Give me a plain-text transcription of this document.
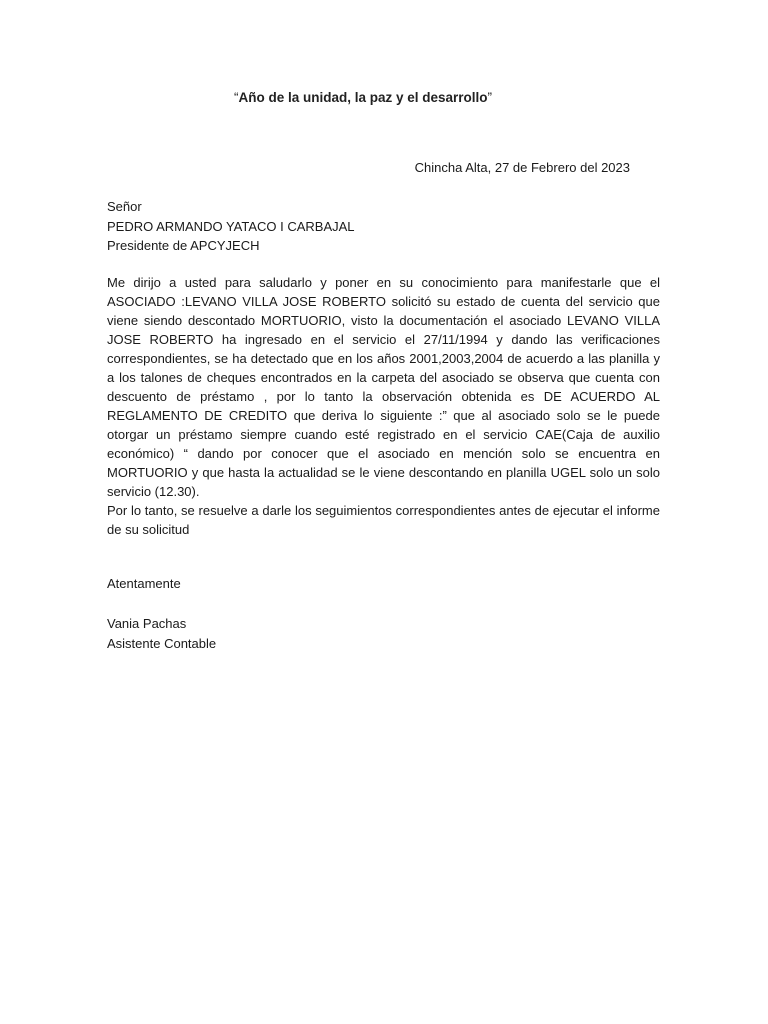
“Año de la unidad, la paz y el desarrollo”
Chincha Alta, 27 de Febrero del 2023
Señor
PEDRO ARMANDO YATACO I CARBAJAL
Presidente de APCYJECH

Me dirijo a usted para saludarlo y poner en su conocimiento para manifestarle que el ASOCIADO :LEVANO VILLA JOSE ROBERTO solicitó su estado de cuenta del servicio que viene siendo descontado MORTUORIO, visto la documentación el asociado LEVANO VILLA JOSE ROBERTO ha ingresado en el servicio el 27/11/1994 y dando las verificaciones correspondientes, se ha detectado que en los años 2001,2003,2004 de acuerdo a las planilla y a los talones de cheques encontrados en la carpeta del asociado se observa que cuenta con descuento de préstamo , por lo tanto la observación obtenida es DE ACUERDO AL REGLAMENTO DE CREDITO que deriva lo siguiente :” que al asociado solo se le puede otorgar un préstamo siempre cuando esté registrado en el servicio CAE(Caja de auxilio económico) “ dando por conocer que el asociado en mención solo se encuentra en MORTUORIO y que hasta la actualidad se le viene descontando en planilla UGEL solo un solo servicio (12.30).

Por lo tanto, se resuelve a darle los seguimientos correspondientes antes de ejecutar el informe de su solicitud

Atentamente
Vania Pachas
Asistente Contable
